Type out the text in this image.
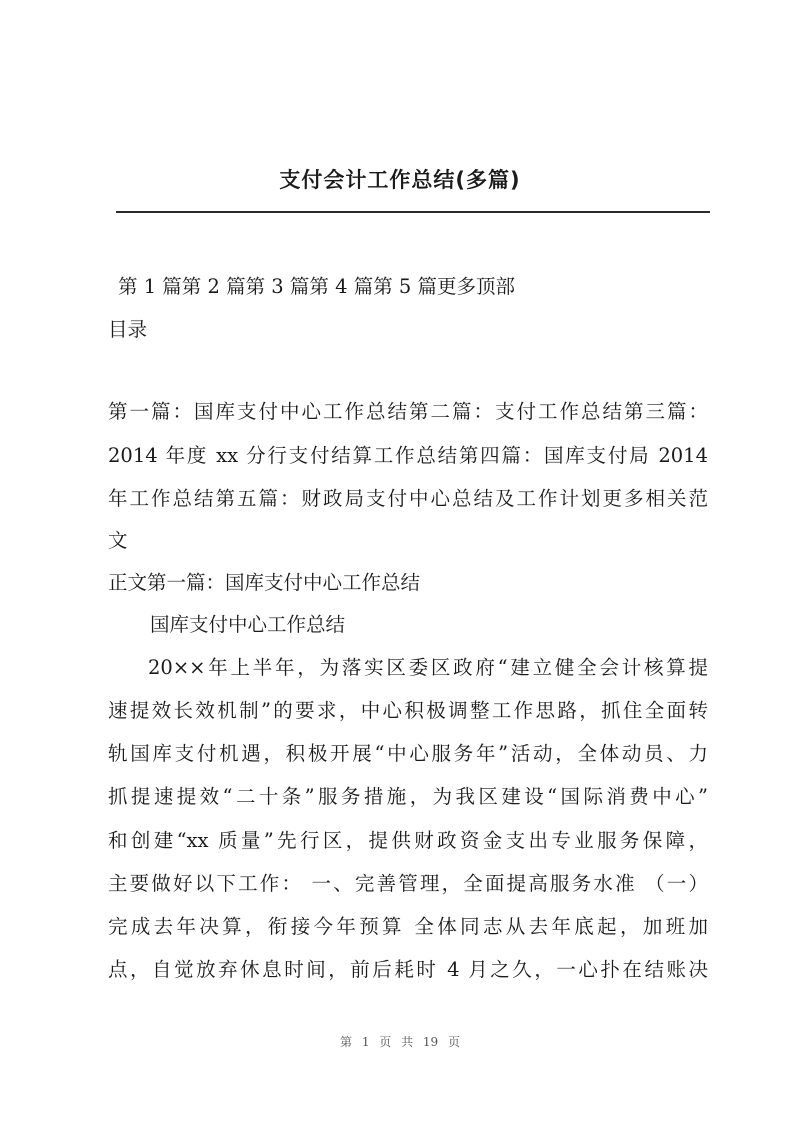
支付会计工作总结(多篇)
第 1 篇第 2 篇第 3 篇第 4 篇第 5 篇更多顶部
目录
第一篇：国库支付中心工作总结第二篇：支付工作总结第三篇：
2014 年度 xx 分行支付结算工作总结第四篇：国库支付局 2014
年工作总结第五篇：财政局支付中心总结及工作计划更多相关范
文
正文第一篇：国库支付中心工作总结
国库支付中心工作总结
20××年上半年，为落实区委区政府“建立健全会计核算提
速提效长效机制”的要求，中心积极调整工作思路，抓住全面转
轨国库支付机遇，积极开展“中心服务年”活动，全体动员、力
抓提速提效“二十条”服务措施，为我区建设“国际消费中心”
和创建“xx 质量”先行区，提供财政资金支出专业服务保障，
主要做好以下工作： 一、完善管理，全面提高服务水准 （一）
完成去年决算，衔接今年预算 全体同志从去年底起，加班加
点，自觉放弃休息时间，前后耗时 4 月之久，一心扑在结账决
第 1 页 共 19 页
